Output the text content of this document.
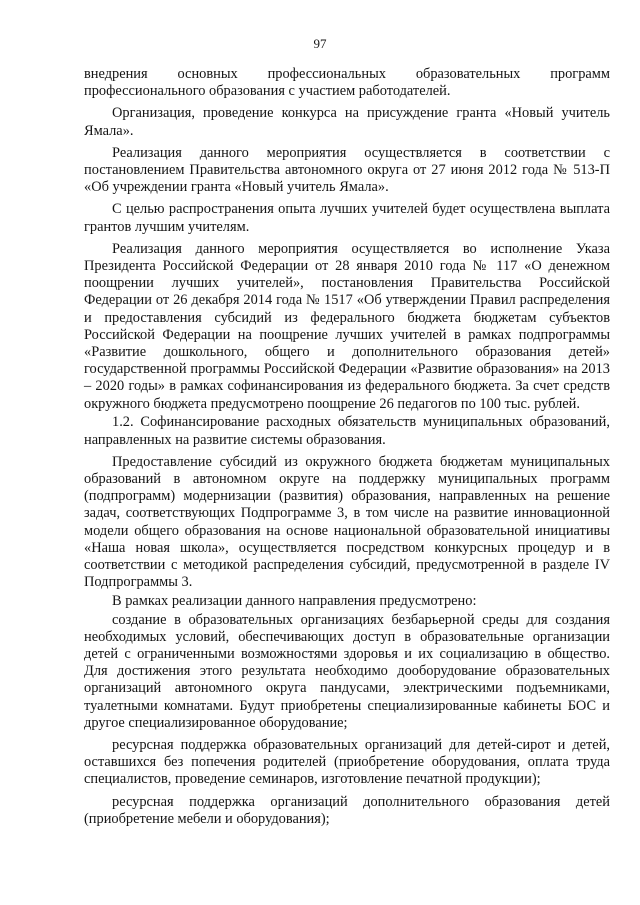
97

внедрения основных профессиональных образовательных программ профессионального образования с участием работодателей.

Организация, проведение конкурса на присуждение гранта «Новый учитель Ямала».

Реализация данного мероприятия осуществляется в соответствии с постановлением Правительства автономного округа от 27 июня 2012 года № 513-П «Об учреждении гранта «Новый учитель Ямала».

С целью распространения опыта лучших учителей будет осуществлена выплата грантов лучшим учителям.

Реализация данного мероприятия осуществляется во исполнение Указа Президента Российской Федерации от 28 января 2010 года № 117 «О денежном поощрении лучших учителей», постановления Правительства Российской Федерации от 26 декабря 2014 года № 1517 «Об утверждении Правил распределения и предоставления субсидий из федерального бюджета бюджетам субъектов Российской Федерации на поощрение лучших учителей в рамках подпрограммы «Развитие дошкольного, общего и дополнительного образования детей» государственной программы Российской Федерации «Развитие образования» на 2013 – 2020 годы» в рамках софинансирования из федерального бюджета. За счет средств окружного бюджета предусмотрено поощрение 26 педагогов по 100 тыс. рублей.

1.2. Софинансирование расходных обязательств муниципальных образований, направленных на развитие системы образования.

Предоставление субсидий из окружного бюджета бюджетам муниципальных образований в автономном округе на поддержку муниципальных программ (подпрограмм) модернизации (развития) образования, направленных на решение задач, соответствующих Подпрограмме 3, в том числе на развитие инновационной модели общего образования на основе национальной образовательной инициативы «Наша новая школа», осуществляется посредством конкурсных процедур и в соответствии с методикой распределения субсидий, предусмотренной в разделе IV Подпрограммы 3.

В рамках реализации данного направления предусмотрено:

создание в образовательных организациях безбарьерной среды для создания необходимых условий, обеспечивающих доступ в образовательные организации детей с ограниченными возможностями здоровья и их социализацию в общество. Для достижения этого результата необходимо дооборудование образовательных организаций автономного округа пандусами, электрическими подъемниками, туалетными комнатами. Будут приобретены специализированные кабинеты БОС и другое специализированное оборудование;

ресурсная поддержка образовательных организаций для детей-сирот и детей, оставшихся без попечения родителей (приобретение оборудования, оплата труда специалистов, проведение семинаров, изготовление печатной продукции);

ресурсная поддержка организаций дополнительного образования детей (приобретение мебели и оборудования);
